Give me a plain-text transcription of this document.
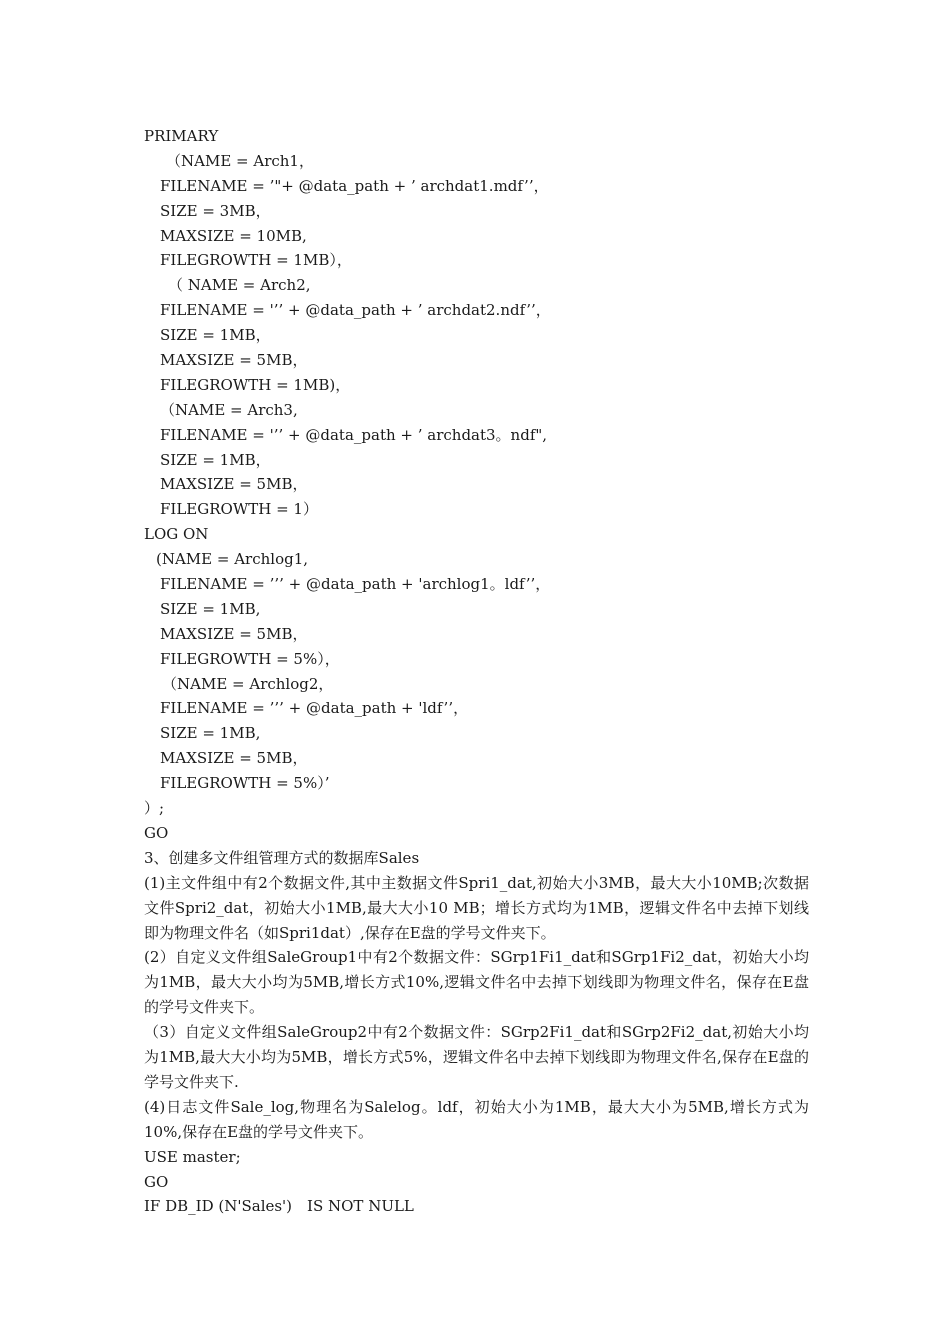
PRIMARY
（NAME = Arch1，
FILENAME = ’"+ @data_path + ’ archdat1.mdf’’，
SIZE = 3MB，
MAXSIZE = 10MB,
FILEGROWTH = 1MB），
（ NAME = Arch2,
FILENAME = '’’ + @data_path + ’ archdat2.ndf’’，
SIZE = 1MB，
MAXSIZE = 5MB，
FILEGROWTH = 1MB)，
（NAME = Arch3,
FILENAME = '’’ + @data_path + ’ archdat3。ndf",
SIZE = 1MB，
MAXSIZE = 5MB，
FILEGROWTH = 1）
LOG ON
(NAME = Archlog1,
FILENAME = ’’’ + @data_path + 'archlog1。ldf’’，
SIZE = 1MB,
MAXSIZE = 5MB，
FILEGROWTH = 5%），
（NAME = Archlog2，
FILENAME = ’’’ + @data_path + 'ldf’’，
SIZE = 1MB,
MAXSIZE = 5MB，
FILEGROWTH = 5%）’
）;
GO
3、创建多文件组管理方式的数据库Sales
(1)主文件组中有2个数据文件,其中主数据文件Spri1_dat,初始大小3MB，最大大小10MB;次数据文件Spri2_dat，初始大小1MB,最大大小10 MB；增长方式均为1MB，逻辑文件名中去掉下划线即为物理文件名（如Spri1dat）,保存在E盘的学号文件夹下。
(2）自定义文件组SaleGroup1中有2个数据文件：SGrp1Fi1_dat和SGrp1Fi2_dat，初始大小均为1MB，最大大小均为5MB,增长方式10%,逻辑文件名中去掉下划线即为物理文件名，保存在E盘的学号文件夹下。
（3）自定义文件组SaleGroup2中有2个数据文件：SGrp2Fi1_dat和SGrp2Fi2_dat,初始大小均为1MB,最大大小均为5MB，增长方式5%，逻辑文件名中去掉下划线即为物理文件名,保存在E盘的学号文件夹下.
(4)日志文件Sale_log,物理名为Salelog。ldf，初始大小为1MB，最大大小为5MB,增长方式为10%,保存在E盘的学号文件夹下。
USE master;
GO
IF DB_ID (N'Sales')　IS NOT NULL
